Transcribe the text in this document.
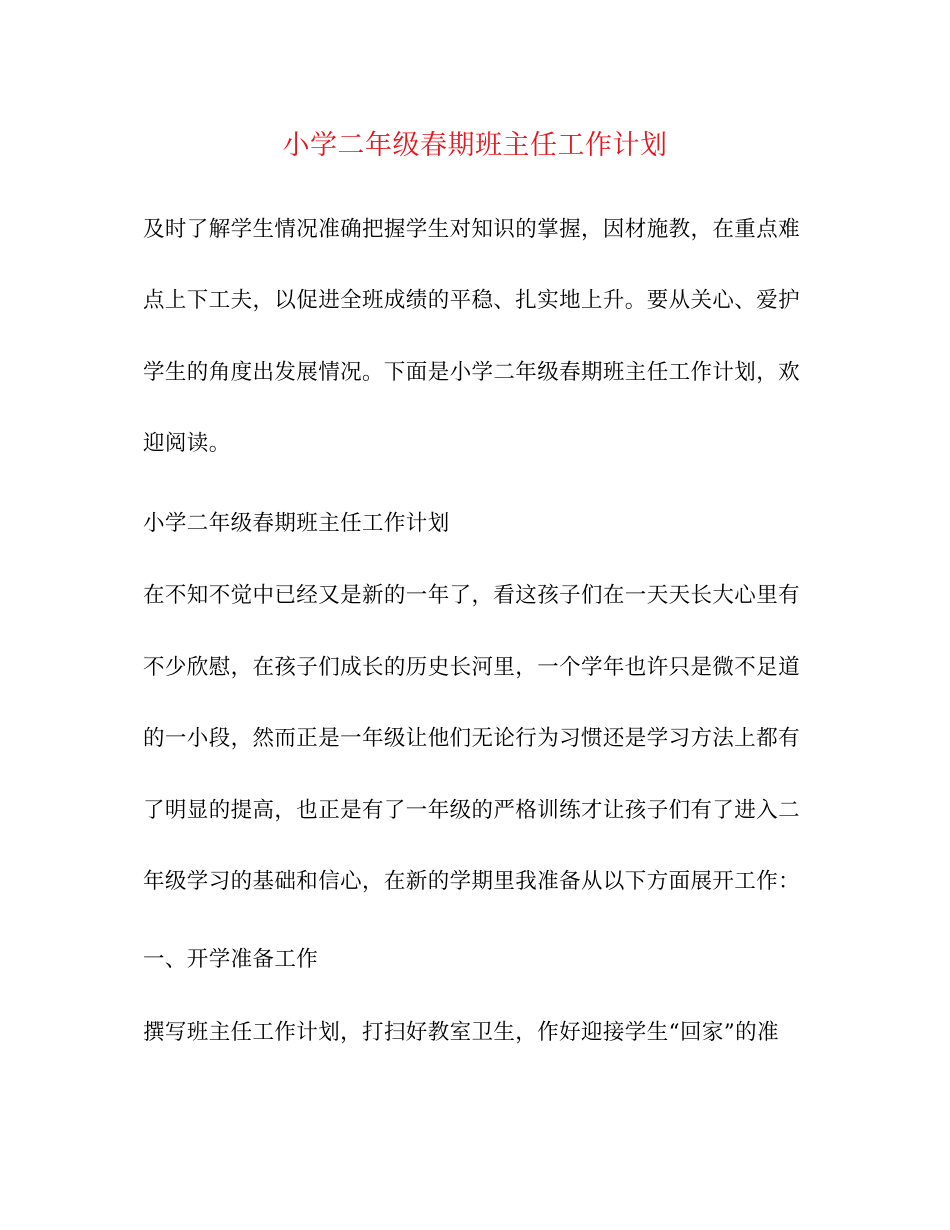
小学二年级春期班主任工作计划
及时了解学生情况准确把握学生对知识的掌握，因材施教，在重点难
点上下工夫，以促进全班成绩的平稳、扎实地上升。要从关心、爱护
学生的角度出发展情况。下面是小学二年级春期班主任工作计划，欢
迎阅读。
小学二年级春期班主任工作计划
在不知不觉中已经又是新的一年了，看这孩子们在一天天长大心里有
不少欣慰，在孩子们成长的历史长河里，一个学年也许只是微不足道
的一小段，然而正是一年级让他们无论行为习惯还是学习方法上都有
了明显的提高，也正是有了一年级的严格训练才让孩子们有了进入二
年级学习的基础和信心，在新的学期里我准备从以下方面展开工作：
一、开学准备工作
撰写班主任工作计划，打扫好教室卫生，作好迎接学生“回家”的准
